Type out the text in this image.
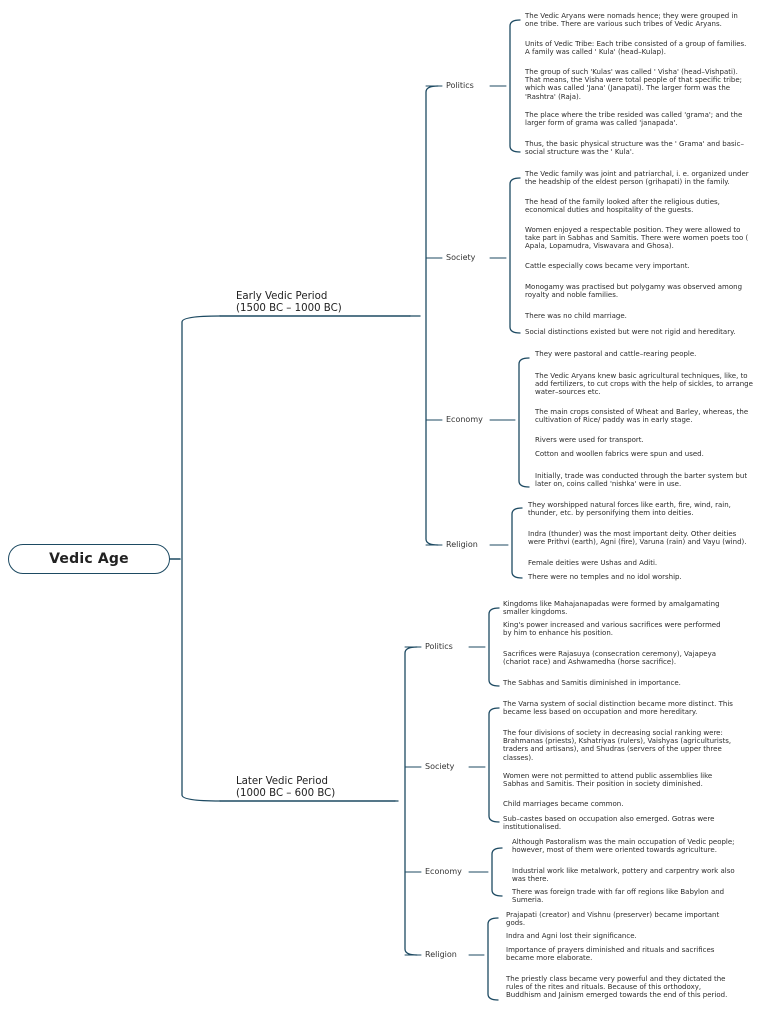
Vedic Age
Early Vedic Period
(1500 BC – 1000 BC)
Politics
The Vedic Aryans were nomads hence; they were grouped in one tribe. There are various such tribes of Vedic Aryans.
Units of Vedic Tribe: Each tribe consisted of a group of families. A family was called ' Kula' (head–Kulap).
The group of such 'Kulas' was called ' Visha' (head–Vishpati). That means, the Visha were total people of that specific tribe; which was called 'Jana' (Janapati). The larger form was the 'Rashtra' (Raja).
The place where the tribe resided was called 'grama'; and the larger form of grama was called 'janapada'.
Thus, the basic physical structure was the ' Grama' and basic–social structure was the ' Kula'.
Society
The Vedic family was joint and patriarchal, i. e. organized under the headship of the eldest person (grihapati) in the family.
The head of the family looked after the religious duties, economical duties and hospitality of the guests.
Women enjoyed a respectable position. They were allowed to take part in Sabhas and Samitis. There were women poets too ( Apala, Lopamudra, Viswavara and Ghosa).
Cattle especially cows became very important.
Monogamy was practised but polygamy was observed among royalty and noble families.
There was no child marriage.
Social distinctions existed but were not rigid and hereditary.
Economy
They were pastoral and cattle–rearing people.
The Vedic Aryans knew basic agricultural techniques, like, to add fertilizers, to cut crops with the help of sickles, to arrange water–sources etc.
The main crops consisted of Wheat and Barley, whereas, the cultivation of Rice/ paddy was in early stage.
Rivers were used for transport.
Cotton and woollen fabrics were spun and used.
Initially, trade was conducted through the barter system but later on, coins called 'nishka' were in use.
Religion
They worshipped natural forces like earth, fire, wind, rain, thunder, etc. by personifying them into deities.
Indra (thunder) was the most important deity. Other deities were Prithvi (earth), Agni (fire), Varuna (rain) and Vayu (wind).
Female deities were Ushas and Aditi.
There were no temples and no idol worship.
Later Vedic Period
(1000 BC – 600 BC)
Politics
Kingdoms like Mahajanapadas were formed by amalgamating smaller kingdoms.
King's power increased and various sacrifices were performed by him to enhance his position.
Sacrifices were Rajasuya (consecration ceremony), Vajapeya (chariot race) and Ashwamedha (horse sacrifice).
The Sabhas and Samitis diminished in importance.
Society
The Varna system of social distinction became more distinct. This became less based on occupation and more hereditary.
The four divisions of society in decreasing social ranking were: Brahmanas (priests), Kshatriyas (rulers), Vaishyas (agriculturists, traders and artisans), and Shudras (servers of the upper three classes).
Women were not permitted to attend public assemblies like Sabhas and Samitis. Their position in society diminished.
Child marriages became common.
Sub–castes based on occupation also emerged. Gotras were institutionalised.
Economy
Although Pastoralism was the main occupation of Vedic people; however, most of them were oriented towards agriculture.
Industrial work like metalwork, pottery and carpentry work also was there.
There was foreign trade with far off regions like Babylon and Sumeria.
Religion
Prajapati (creator) and Vishnu (preserver) became important gods.
Indra and Agni lost their significance.
Importance of prayers diminished and rituals and sacrifices became more elaborate.
The priestly class became very powerful and they dictated the rules of the rites and rituals. Because of this orthodoxy, Buddhism and Jainism emerged towards the end of this period.
